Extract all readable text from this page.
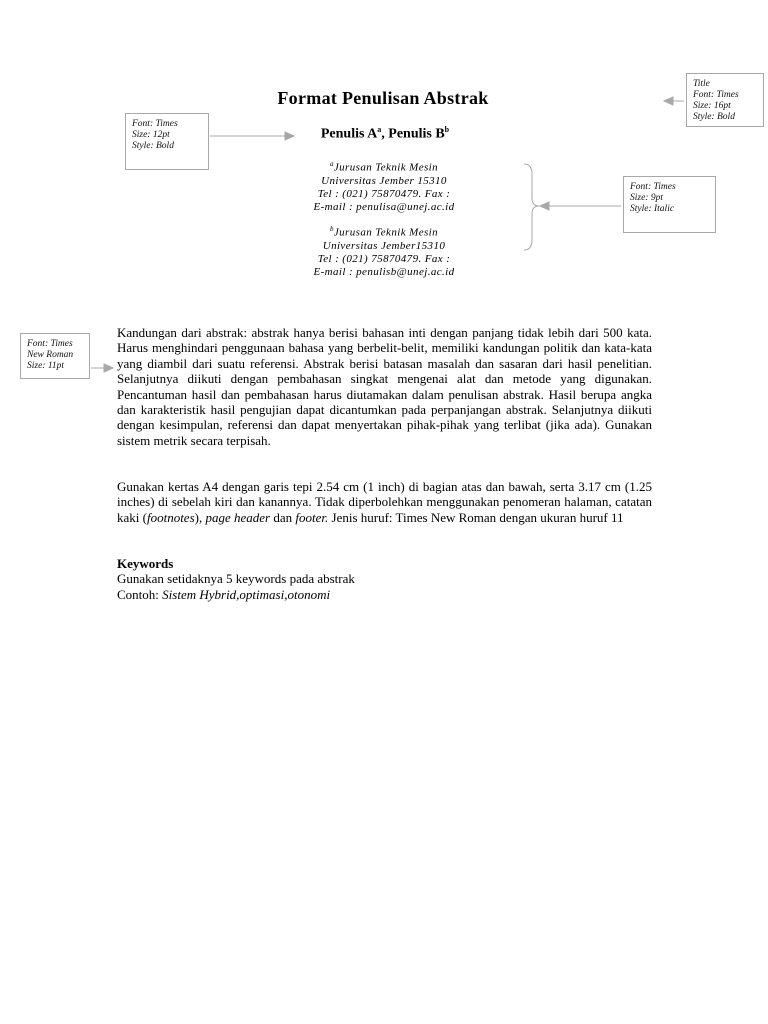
Format Penulisan Abstrak
Penulis $A^a$, Penulis $B^b$
$^a$Jurusan Teknik Mesin
Universitas Jember 15310
Tel : (021) 75870479. Fax :
E-mail : penulisa@unej.ac.id
$^b$Jurusan Teknik Mesin
Universitas Jember15310
Tel : (021) 75870479. Fax :
E-mail : penulisb@unej.ac.id
Title
Font: Times
Size: 16pt
Style: Bold
Font: Times
Size: 12pt
Style: Bold
Font: Times
Size: 9pt
Style: Italic
Font: Times
New Roman
Size: 11pt
Kandungan dari abstrak: abstrak hanya berisi bahasan inti dengan panjang tidak lebih dari 500 kata. Harus menghindari penggunaan bahasa yang berbelit-belit, memiliki kandungan politik dan kata-kata yang diambil dari suatu referensi. Abstrak berisi batasan masalah dan sasaran dari hasil penelitian. Selanjutnya diikuti dengan pembahasan singkat mengenai alat dan metode yang digunakan. Pencantuman hasil dan pembahasan harus diutamakan dalam penulisan abstrak. Hasil berupa angka dan karakteristik hasil pengujian dapat dicantumkan pada perpanjangan abstrak. Selanjutnya diikuti dengan kesimpulan, referensi dan dapat menyertakan pihak-pihak yang terlibat (jika ada). Gunakan sistem metrik secara terpisah.
Gunakan kertas A4 dengan garis tepi 2.54 cm (1 inch) di bagian atas dan bawah, serta 3.17 cm (1.25 inches) di sebelah kiri dan kanannya. Tidak diperbolehkan menggunakan penomeran halaman, catatan kaki (footnotes), page header dan footer. Jenis huruf: Times New Roman dengan ukuran huruf 11
Keywords
Gunakan setidaknya 5 keywords pada abstrak
Contoh: Sistem Hybrid,optimasi,otonomi
